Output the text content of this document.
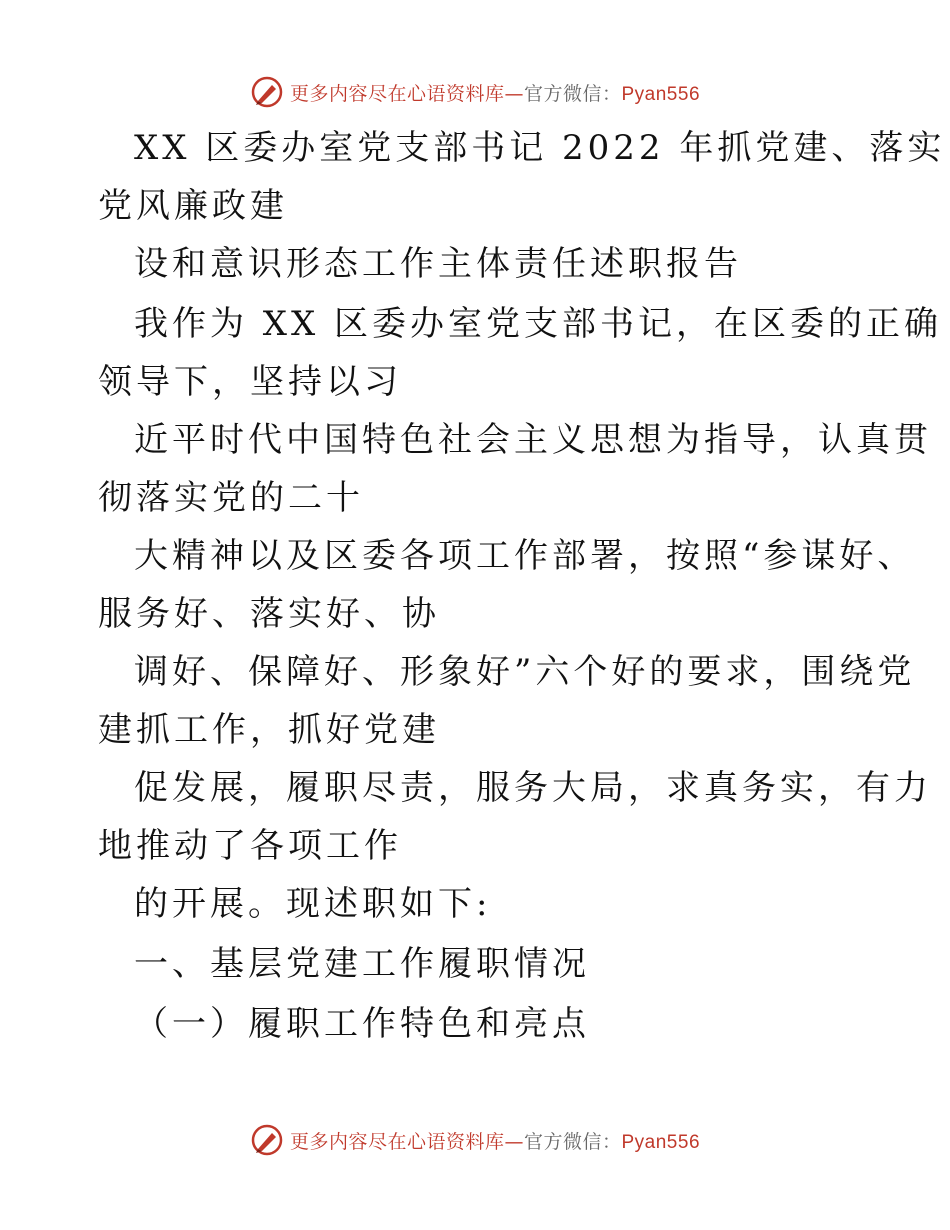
更多内容尽在心语资料库—官方微信：Pyan556
XX 区委办室党支部书记 2022 年抓党建、落实
党风廉政建
设和意识形态工作主体责任述职报告
我作为 XX 区委办室党支部书记，在区委的正确
领导下，坚持以习
近平时代中国特色社会主义思想为指导，认真贯
彻落实党的二十
大精神以及区委各项工作部署，按照“参谋好、
服务好、落实好、协
调好、保障好、形象好”六个好的要求，围绕党
建抓工作，抓好党建
促发展，履职尽责，服务大局，求真务实，有力
地推动了各项工作
的开展。现述职如下:
一、基层党建工作履职情况
（一）履职工作特色和亮点
更多内容尽在心语资料库—官方微信：Pyan556
